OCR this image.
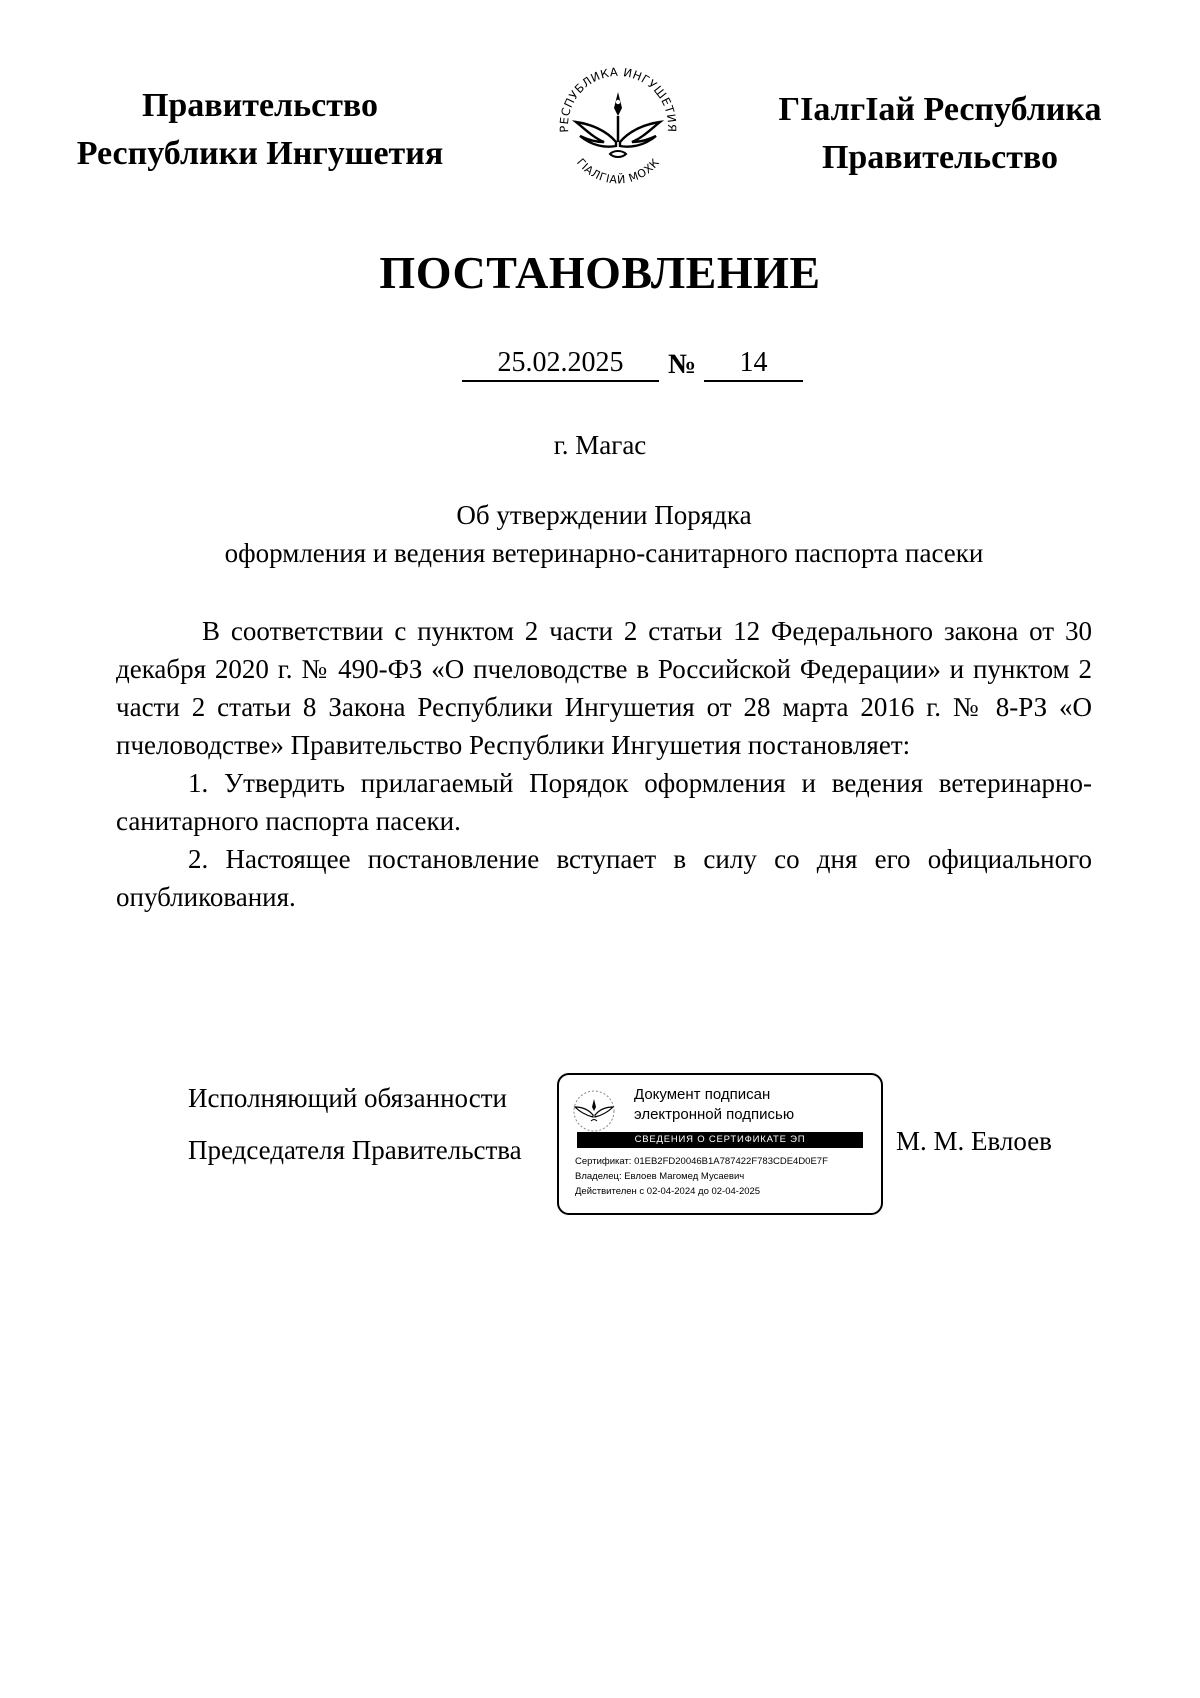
Правительство
Республики Ингушетия
РЕСПУБЛИКА ИНГУШЕТИЯ
ГIАЛГIАЙ МОХК
ГIалгIай Республика
Правительство
ПОСТАНОВЛЕНИЕ
25.02.2025	№	14
г. Магас
Об утверждении Порядка
оформления и ведения ветеринарно-санитарного паспорта пасеки

В соответствии с пунктом 2 части 2 статьи 12 Федерального закона от 30 декабря 2020 г. № 490-ФЗ «О пчеловодстве в Российской Федерации» и пунктом 2 части 2 статьи 8 Закона Республики Ингушетия от 28 марта 2016 г. № 8-РЗ «О пчеловодстве» Правительство Республики Ингушетия постановляет:

1. Утвердить прилагаемый Порядок оформления и ведения ветеринарно-санитарного паспорта пасеки.

2. Настоящее постановление вступает в силу со дня его официального опубликования.

Исполняющий обязанности
Председателя Правительства
Документ подписан
электронной подписью
СВЕДЕНИЯ О СЕРТИФИКАТЕ ЭП
Сертификат: 01EB2FD20046B1A787422F783CDE4D0E7F
Владелец: Евлоев Магомед Мусаевич
Действителен с 02-04-2024 до 02-04-2025
М. М. Евлоев
